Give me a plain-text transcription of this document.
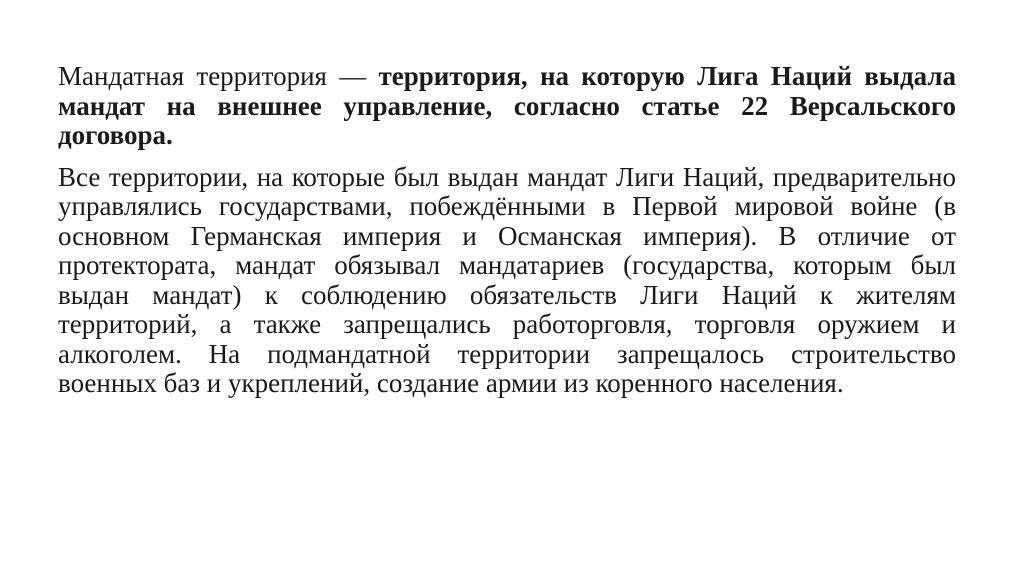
Мандатная территория — территория, на которую Лига Наций выдала мандат на внешнее управление, согласно статье 22 Версальского договора.

Все территории, на которые был выдан мандат Лиги Наций, предварительно управлялись государствами, побеждёнными в Первой мировой войне (в основном Германская империя и Османская империя). В отличие от протектората, мандат обязывал мандатариев (государства, которым был выдан мандат) к соблюдению обязательств Лиги Наций к жителям территорий, а также запрещались работорговля, торговля оружием и алкоголем. На подмандатной территории запрещалось строительство военных баз и укреплений, создание армии из коренного населения.
